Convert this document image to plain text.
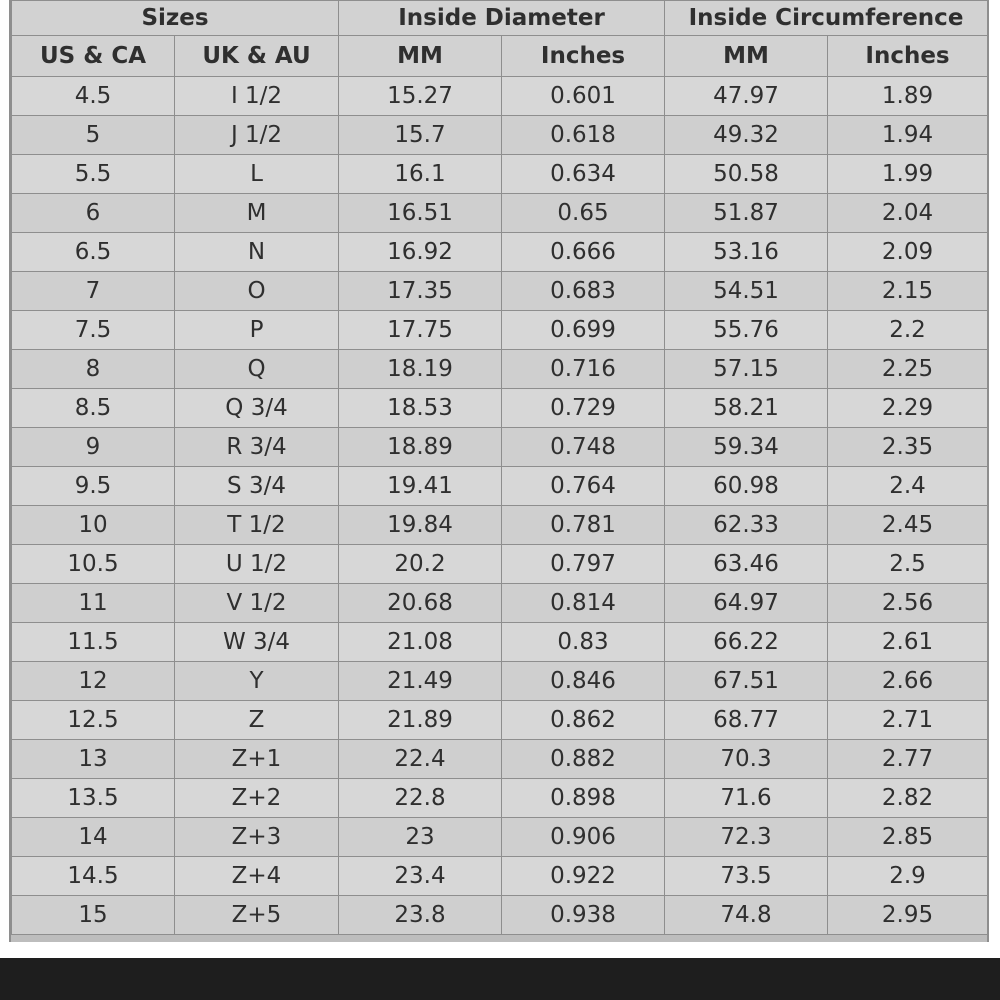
Sizes		Inside Diameter		Inside Circumference	
US & CA	UK & AU	MM	Inches	MM	Inches
4.5	I 1/2	15.27	0.601	47.97	1.89
5	J 1/2	15.7	0.618	49.32	1.94
5.5	L	16.1	0.634	50.58	1.99
6	M	16.51	0.65	51.87	2.04
6.5	N	16.92	0.666	53.16	2.09
7	O	17.35	0.683	54.51	2.15
7.5	P	17.75	0.699	55.76	2.2
8	Q	18.19	0.716	57.15	2.25
8.5	Q 3/4	18.53	0.729	58.21	2.29
9	R 3/4	18.89	0.748	59.34	2.35
9.5	S 3/4	19.41	0.764	60.98	2.4
10	T 1/2	19.84	0.781	62.33	2.45
10.5	U 1/2	20.2	0.797	63.46	2.5
11	V 1/2	20.68	0.814	64.97	2.56
11.5	W 3/4	21.08	0.83	66.22	2.61
12	Y	21.49	0.846	67.51	2.66
12.5	Z	21.89	0.862	68.77	2.71
13	Z+1	22.4	0.882	70.3	2.77
13.5	Z+2	22.8	0.898	71.6	2.82
14	Z+3	23	0.906	72.3	2.85
14.5	Z+4	23.4	0.922	73.5	2.9
15	Z+5	23.8	0.938	74.8	2.95
